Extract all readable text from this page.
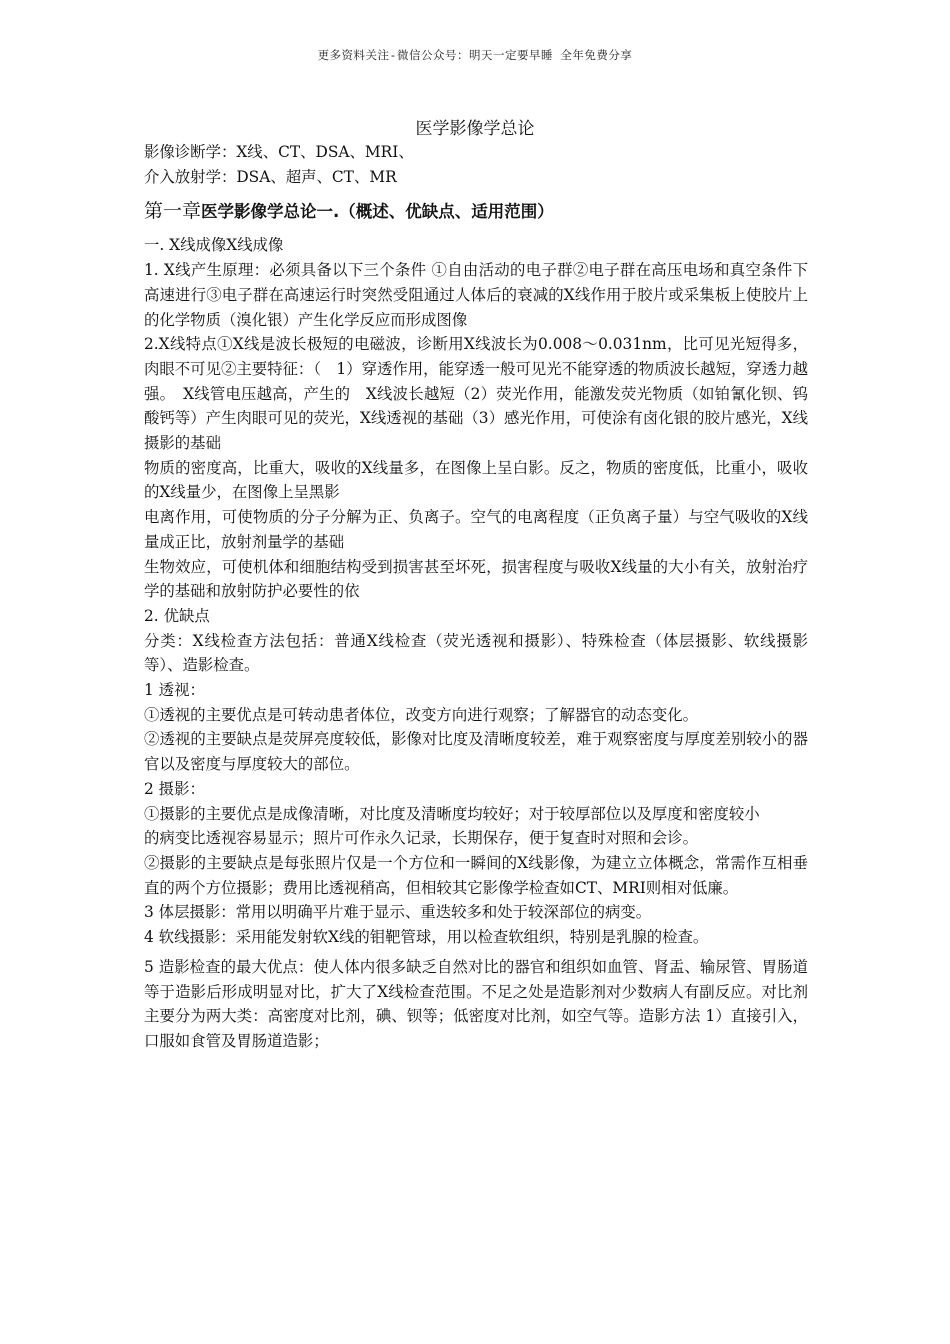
更多资料关注-微信公众号：明天一定要早睡 全年免费分享
医学影像学总论

影像诊断学：X线、CT、DSA、MRI、

介入放射学：DSA、超声、CT、MR

第一章医学影像学总论一.（概述、优缺点、适用范围）

一. X线成像X线成像

1. X线产生原理：必须具备以下三个条件 ①自由活动的电子群②电子群在高压电场和真空条件下高速进行③电子群在高速运行时突然受阻通过人体后的衰减的X线作用于胶片或采集板上使胶片上的化学物质（溴化银）产生化学反应而形成图像

2.X线特点①X线是波长极短的电磁波，诊断用X线波长为0.008～0.031nm，比可见光短得多，肉眼不可见②主要特征：（　1）穿透作用，能穿透一般可见光不能穿透的物质波长越短，穿透力越强。　X线管电压越高，产生的　X线波长越短（2）荧光作用，能激发荧光物质（如铂氰化钡、钨酸钙等）产生肉眼可见的荧光，X线透视的基础（3）感光作用，可使涂有卤化银的胶片感光，X线摄影的基础

物质的密度高，比重大，吸收的X线量多，在图像上呈白影。反之，物质的密度低，比重小，吸收的X线量少，在图像上呈黑影

电离作用，可使物质的分子分解为正、负离子。空气的电离程度（正负离子量）与空气吸收的X线量成正比，放射剂量学的基础

生物效应，可使机体和细胞结构受到损害甚至坏死，损害程度与吸收X线量的大小有关，放射治疗学的基础和放射防护必要性的依

2. 优缺点

分类：X线检查方法包括：普通X线检查（荧光透视和摄影）、特殊检查（体层摄影、软线摄影等）、造影检查。

1 透视：

①透视的主要优点是可转动患者体位，改变方向进行观察；了解器官的动态变化。

②透视的主要缺点是荧屏亮度较低，影像对比度及清晰度较差，难于观察密度与厚度差别较小的器官以及密度与厚度较大的部位。

2 摄影：

①摄影的主要优点是成像清晰，对比度及清晰度均较好；对于较厚部位以及厚度和密度较小

的病变比透视容易显示；照片可作永久记录，长期保存，便于复查时对照和会诊。

②摄影的主要缺点是每张照片仅是一个方位和一瞬间的X线影像，为建立立体概念，常需作互相垂直的两个方位摄影；费用比透视稍高，但相较其它影像学检查如CT、MRI则相对低廉。

3 体层摄影：常用以明确平片难于显示、重迭较多和处于较深部位的病变。

4 软线摄影：采用能发射软X线的钼靶管球，用以检查软组织，特别是乳腺的检查。

5 造影检查的最大优点：使人体内很多缺乏自然对比的器官和组织如血管、肾盂、输尿管、胃肠道等于造影后形成明显对比，扩大了X线检查范围。不足之处是造影剂对少数病人有副反应。对比剂主要分为两大类：高密度对比剂，碘、钡等；低密度对比剂，如空气等。造影方法 1）直接引入，口服如食管及胃肠道造影；
